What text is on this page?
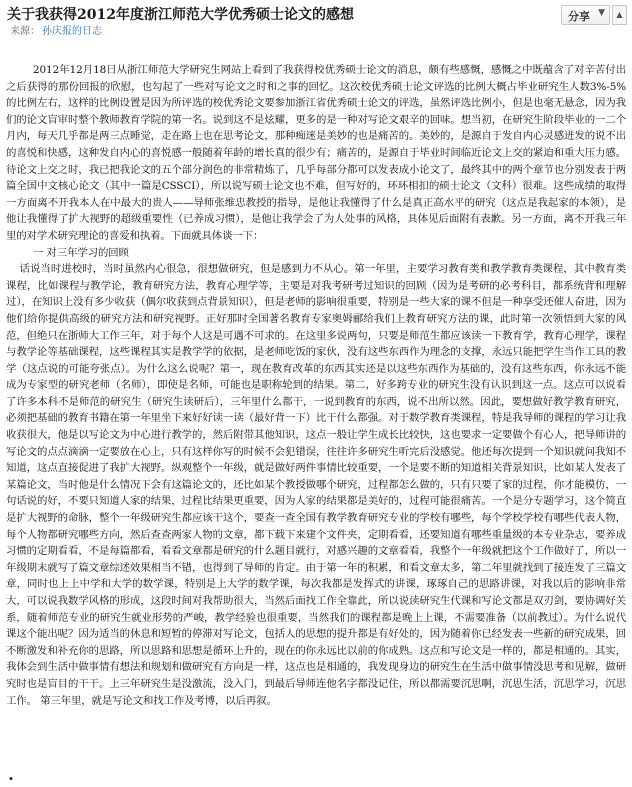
关于我获得2012年度浙江师范大学优秀硕士论文的感想
来源： 孙庆报的日志
分享 ▼	▲

2012年12月18日从浙江师范大学研究生网站上看到了我获得校优秀硕士论文的消息，颇有些感慨，感慨之中既蕴含了对辛苦付出之后获得的那份回报的欣慰，也勾起了一些对写论文之时和之事的回忆。这次校优秀硕士论文评选的比例大概占毕业研究生人数3%-5%的比例左右，这样的比例设置是因为所评选的校优秀论文要参加浙江省优秀硕士论文的评选，虽然评选比例小，但是也毫无悬念，因为我们的论文盲审时整个教师教育学院的第一名。说到这不是炫耀，更多的是一种对写论文艰辛的回味。想当初，在研究生阶段毕业的一二个月内，每天几乎都是两三点睡觉，走在路上也在思考论文，那种痴迷是美妙的也是痛苦的。美妙的，是源自于发自内心灵感迸发的说不出的喜悦和快感，这种发自内心的喜悦感一般随着年龄的增长真的很少有；痛苦的，是源自于毕业时间临近论文上交的紧迫和重大压力感。待论文上交之时，我已把我论文的五个部分润色的非常精炼了，几乎每部分都可以发表成小论文了，最终其中的两个章节也分别发表于两篇全国中文核心论文（其中一篇是CSSCI），所以说写硕士论文也不难，但写好的，环环相扣的硕士论文（文科）很难。这些成绩的取得一方面离不开我本人在中最大的贵人——导师张维忠教授的指导，是他让我懂得了什么是真正高水平的研究（这点是我起家的本领），是他让我懂得了扩大视野的超级重要性（已养成习惯），是他让我学会了为人处事的风格，具体见后面附有表歉。另一方面，离不开我三年里的对学术研究理论的喜爱和执着。下面就具体谈一下：

一 对三年学习的回顾

话说当时进校时，当时虽然内心很急，很想做研究，但是感到力不从心。第一年里，主要学习教育类和教学教育类课程，其中教育类课程，比如课程与教学论，教育研究方法，教育心理学等，主要是对我考研考过知识的回顾（因为是考研的必考科目，都系统背和理解过），在知识上没有多少收获（偶尔收获到点背景知识），但是老师的影响很重要，特别是一些大家的课不但是一种享受还催人奋进，因为他们给你提供高级的研究方法和研究视野。正好那时全国著名教育专家奥姆郦给我们上教育研究方法的课，此时第一次领悟到大家的风范，但绝只在浙师大工作三年，对于每个人这是可遇不可求的。在这里多说两句，只要是师范生都应该读一下教育学，教育心理学，课程与教学论等基础课程，这些课程其实是教学学的依据，是老师吃饭的家伙，没有这些东西作为理念的支撑，永远只能把学生当作工具的教学（这点说的可能夸张点）。为什么这么说呢？第一，现在教育改革的东西其实还是以这些东西作为基础的，没有这些东西，你永远不能成为专家型的研究老师（名师），即使是名师，可能也是职称轮到的结果。第二，好多跨专业的研究生没有认识到这一点。这点可以说看了许多本科不是师范的研究生（研究生读研后），三年里什么都干，一说到教育的东西，说不出所以然。因此，要想做好教学教育研究，必须把基础的教育书籍在第一年里坐下来好好读一读（最好背一下）比干什么都强。对于数学教育类课程，特是我导师的课程的学习让我收获很大，他是以写论文为中心进行教学的，然后附带其他知识，这点一般让学生成长比较快，这也要求一定要做个有心人，把导师讲的写论文的点点滴滴一定要放在心上，只有这样你写的时候不会犯错误，往往许多研究生听完后没感觉。他还每次提到一个知识就问我知不知道，这点直接促进了我扩大视野。纵观整个一年级，就是做好两件事情比较重要，一个是要不断的知道相关背景知识，比如某人发表了某篇论文，当时他是什么情况下会有这篇论文的，还比如某个教授做哪个研究，过程都怎么做的，只有只要了家的过程，你才能模仿，一句话说的好，不要只知道人家的结果，过程比结果更重要，因为人家的结果都是美好的，过程可能很痛苦。一个是分专题学习，这个简直是扩大视野的命脉，整个一年级研究生都应该干这个，要查一查全国有教学教育研究专业的学校有哪些，每个学校学校有哪些代表人物，每个人物都研究哪些方向，然后查查两家人物的文章，都下载下来建个文件夹，定期看看，还要知道有哪些重量级的本专业杂志，要养成习惯的定期看看，不是每篇都看，看看文章都是研究的什么题目就行，对感兴趣的文章看看，我整个一年级就把这个工作做好了，所以一年级期末就写了篇文章综述效果相当不错，也得到了导师的肯定。由于第一年的积累，和看文章太多，第二年里就找到了接连发了三篇文章，同时也上上中学和大学的数学课，特别是上大学的数学课，每次我都是发挥式的讲课，琢琢自己的思路讲课，对我以后的影响非常大，可以说我数学风格的形成，这段时间对我帮助很大，当然后面找工作全靠此，所以说读研究生代课和写论文都是双刃剑，要协调好关系，随着师范专业的研究生就业形势的严峻，教学经验也很重要，当然我们的课程都是晚上上课，不需要准备（以前教过）。为什么说代课这个能出呢？因为适当的休息和短暂的停滞对写论文，包括人的思想的提升都是有好处的，因为随着你已经发表一些新的研究成果，回不断激发和补充你的思路，所以思路和思想是循环上升的，现在的你永远比以前的你成熟。这点和写论文是一样的，都是相通的。其实，我体会到生活中做事情有想法和规划和做研究有方向是一样，这点也是相通的，我发现身边的研究生在生活中做事情没思考和见解，做研究时也是盲目的干干。上三年研究生是没激流，没入门，到最后导师连他名字都没记住，所以都需要沉思啊，沉思生活，沉思学习，沉思工作。 第三年里，就是写论文和找工作及考博，以后再叙。

•
